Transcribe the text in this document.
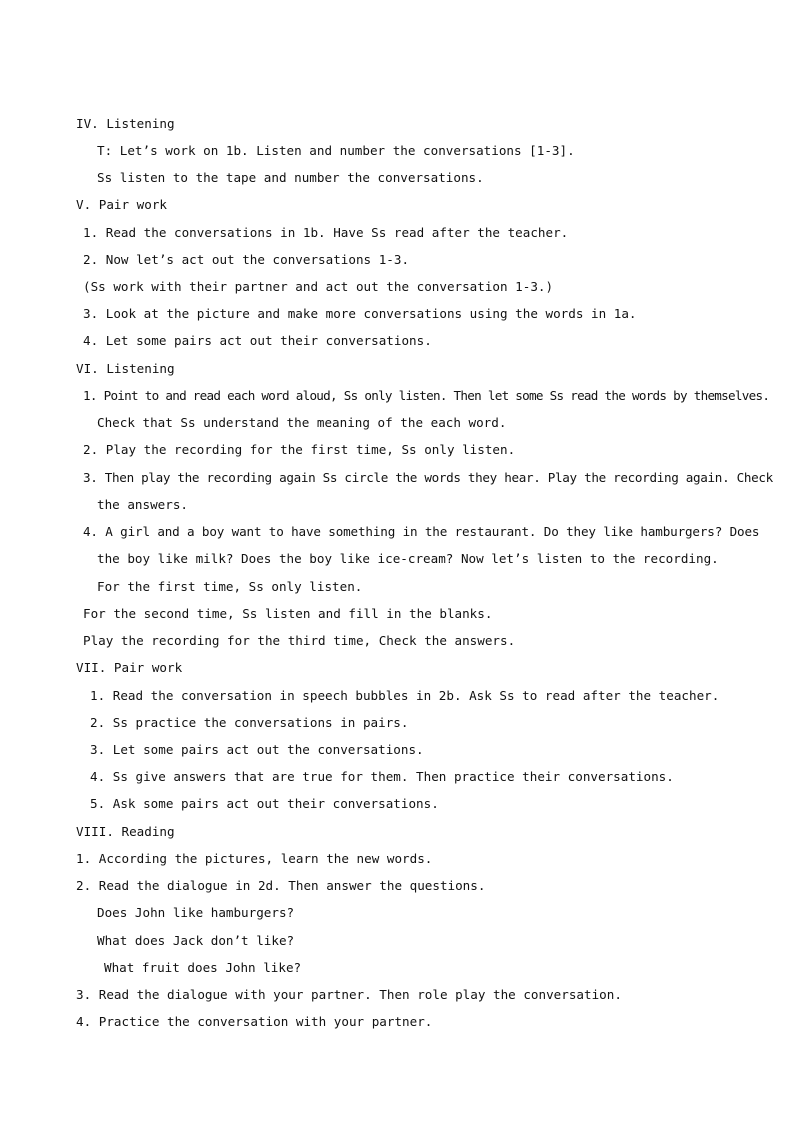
IV. Listening
T: Let’s work on 1b. Listen and number the conversations [1-3].
Ss listen to the tape and number the conversations.
V. Pair work
1. Read the conversations in 1b. Have Ss read after the teacher.
2. Now let’s act out the conversations 1-3.
(Ss work with their partner and act out the conversation 1-3.)
3. Look at the picture and make more conversations using the words in 1a.
4. Let some pairs act out their conversations.
VI. Listening
1. Point to and read each word aloud, Ss only listen. Then let some Ss read the words by themselves.
Check that Ss understand the meaning of the each word.
2. Play the recording for the first time, Ss only listen.
3. Then play the recording again Ss circle the words they hear. Play the recording again. Check
the answers.
4. A girl and a boy want to have something in the restaurant. Do they like hamburgers? Does
the boy like milk? Does the boy like ice-cream? Now let’s listen to the recording.
For the first time, Ss only listen.
For the second time, Ss listen and fill in the blanks.
Play the recording for the third time, Check the answers.
VII. Pair work
1. Read the conversation in speech bubbles in 2b. Ask Ss to read after the teacher.
2. Ss practice the conversations in pairs.
3. Let some pairs act out the conversations.
4. Ss give answers that are true for them. Then practice their conversations.
5. Ask some pairs act out their conversations.
VIII. Reading
1. According the pictures, learn the new words.
2. Read the dialogue in 2d. Then answer the questions.
Does John like hamburgers?
What does Jack don’t like?
What fruit does John like?
3. Read the dialogue with your partner. Then role play the conversation.
4. Practice the conversation with your partner.
